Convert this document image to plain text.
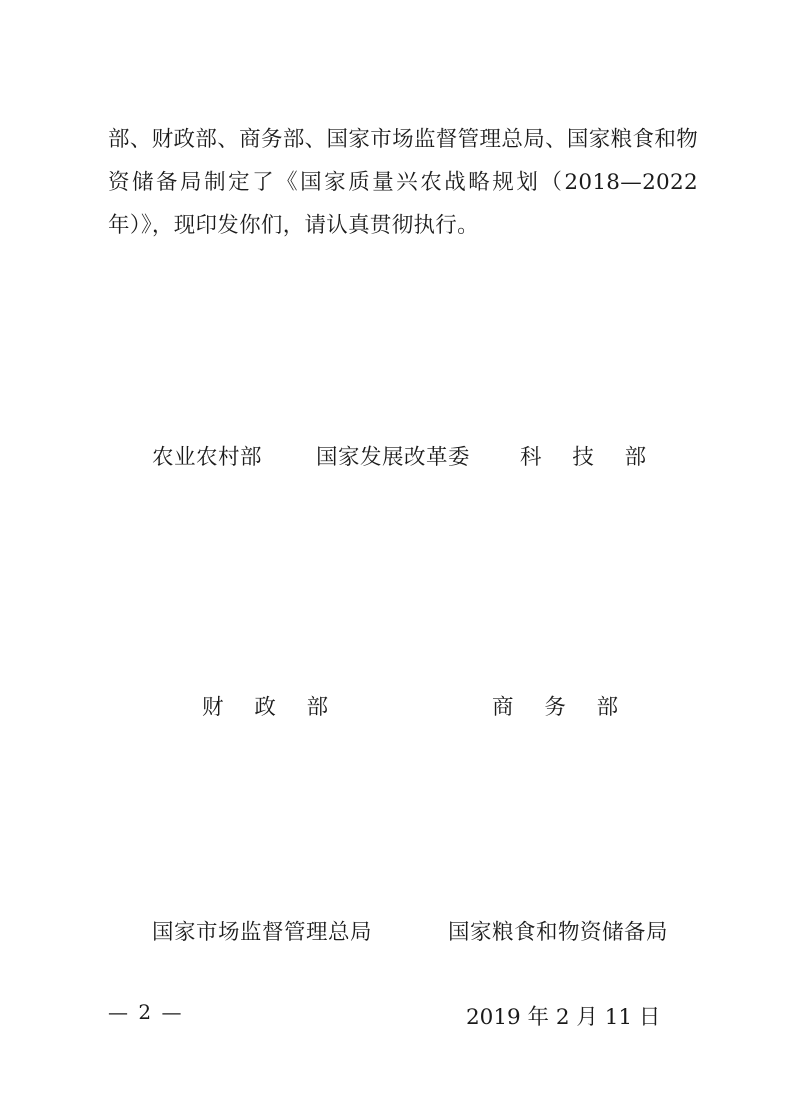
部、财政部、商务部、国家市场监督管理总局、国家粮食和物资储备局制定了《国家质量兴农战略规划（2018—2022 年）》，现印发你们，请认真贯彻执行。

农业农村部	国家发展改革委 科 技 部
财 政 部	商 务 部
国家市场监督管理总局	国家粮食和物资储备局
2019 年 2 月 11 日
— 2 —
